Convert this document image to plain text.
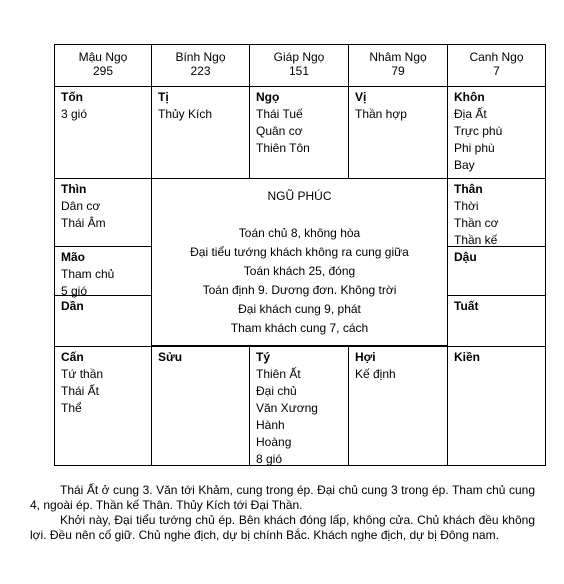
Mậu Ngọ
295
Bính Ngọ
223
Giáp Ngọ
151
Nhâm Ngọ
79
Canh Ngọ
7
Tốn
3 gió
Tị
Thủy Kích
Ngọ
Thái Tuế
Quân cơ
Thiên Tôn
Vị
Thần hợp
Khôn
Địa Ất
Trực phù
Phi phù
Bay
Thìn
Dân cơ
Thái Âm
Mão
Tham chủ
5 gió
Dần
Thân
Thời
Thần cơ
Thần kế
Dậu
Tuất
NGŨ PHÚC
Toán chủ 8, không hòa
Đại tiểu tướng khách không ra cung giữa
Toán khách 25, đóng
Toán định 9. Dương đơn. Không trời
Đại khách cung 9, phát
Tham khách cung 7, cách
Cấn
Tứ thần
Thái Ất
Thể
Sửu	Tý
Thiên Ất
Đại chủ
Văn Xương
Hành
Hoàng
8 gió
Hợi
Kế định
Kiền

Thái Ất ở cung 3. Văn tới Khảm, cung trong ép. Đại chủ cung 3 trong ép. Tham chủ cung 4, ngoài ép. Thần kế Thân. Thủy Kích tới Đại Thần.

Khởi này, Đại tiểu tướng chủ ép. Bên khách đóng lấp, không cửa. Chủ khách đều không lợi. Đều nên cố giữ. Chủ nghe địch, dự bị chính Bắc. Khách nghe địch, dự bị Đông nam.
